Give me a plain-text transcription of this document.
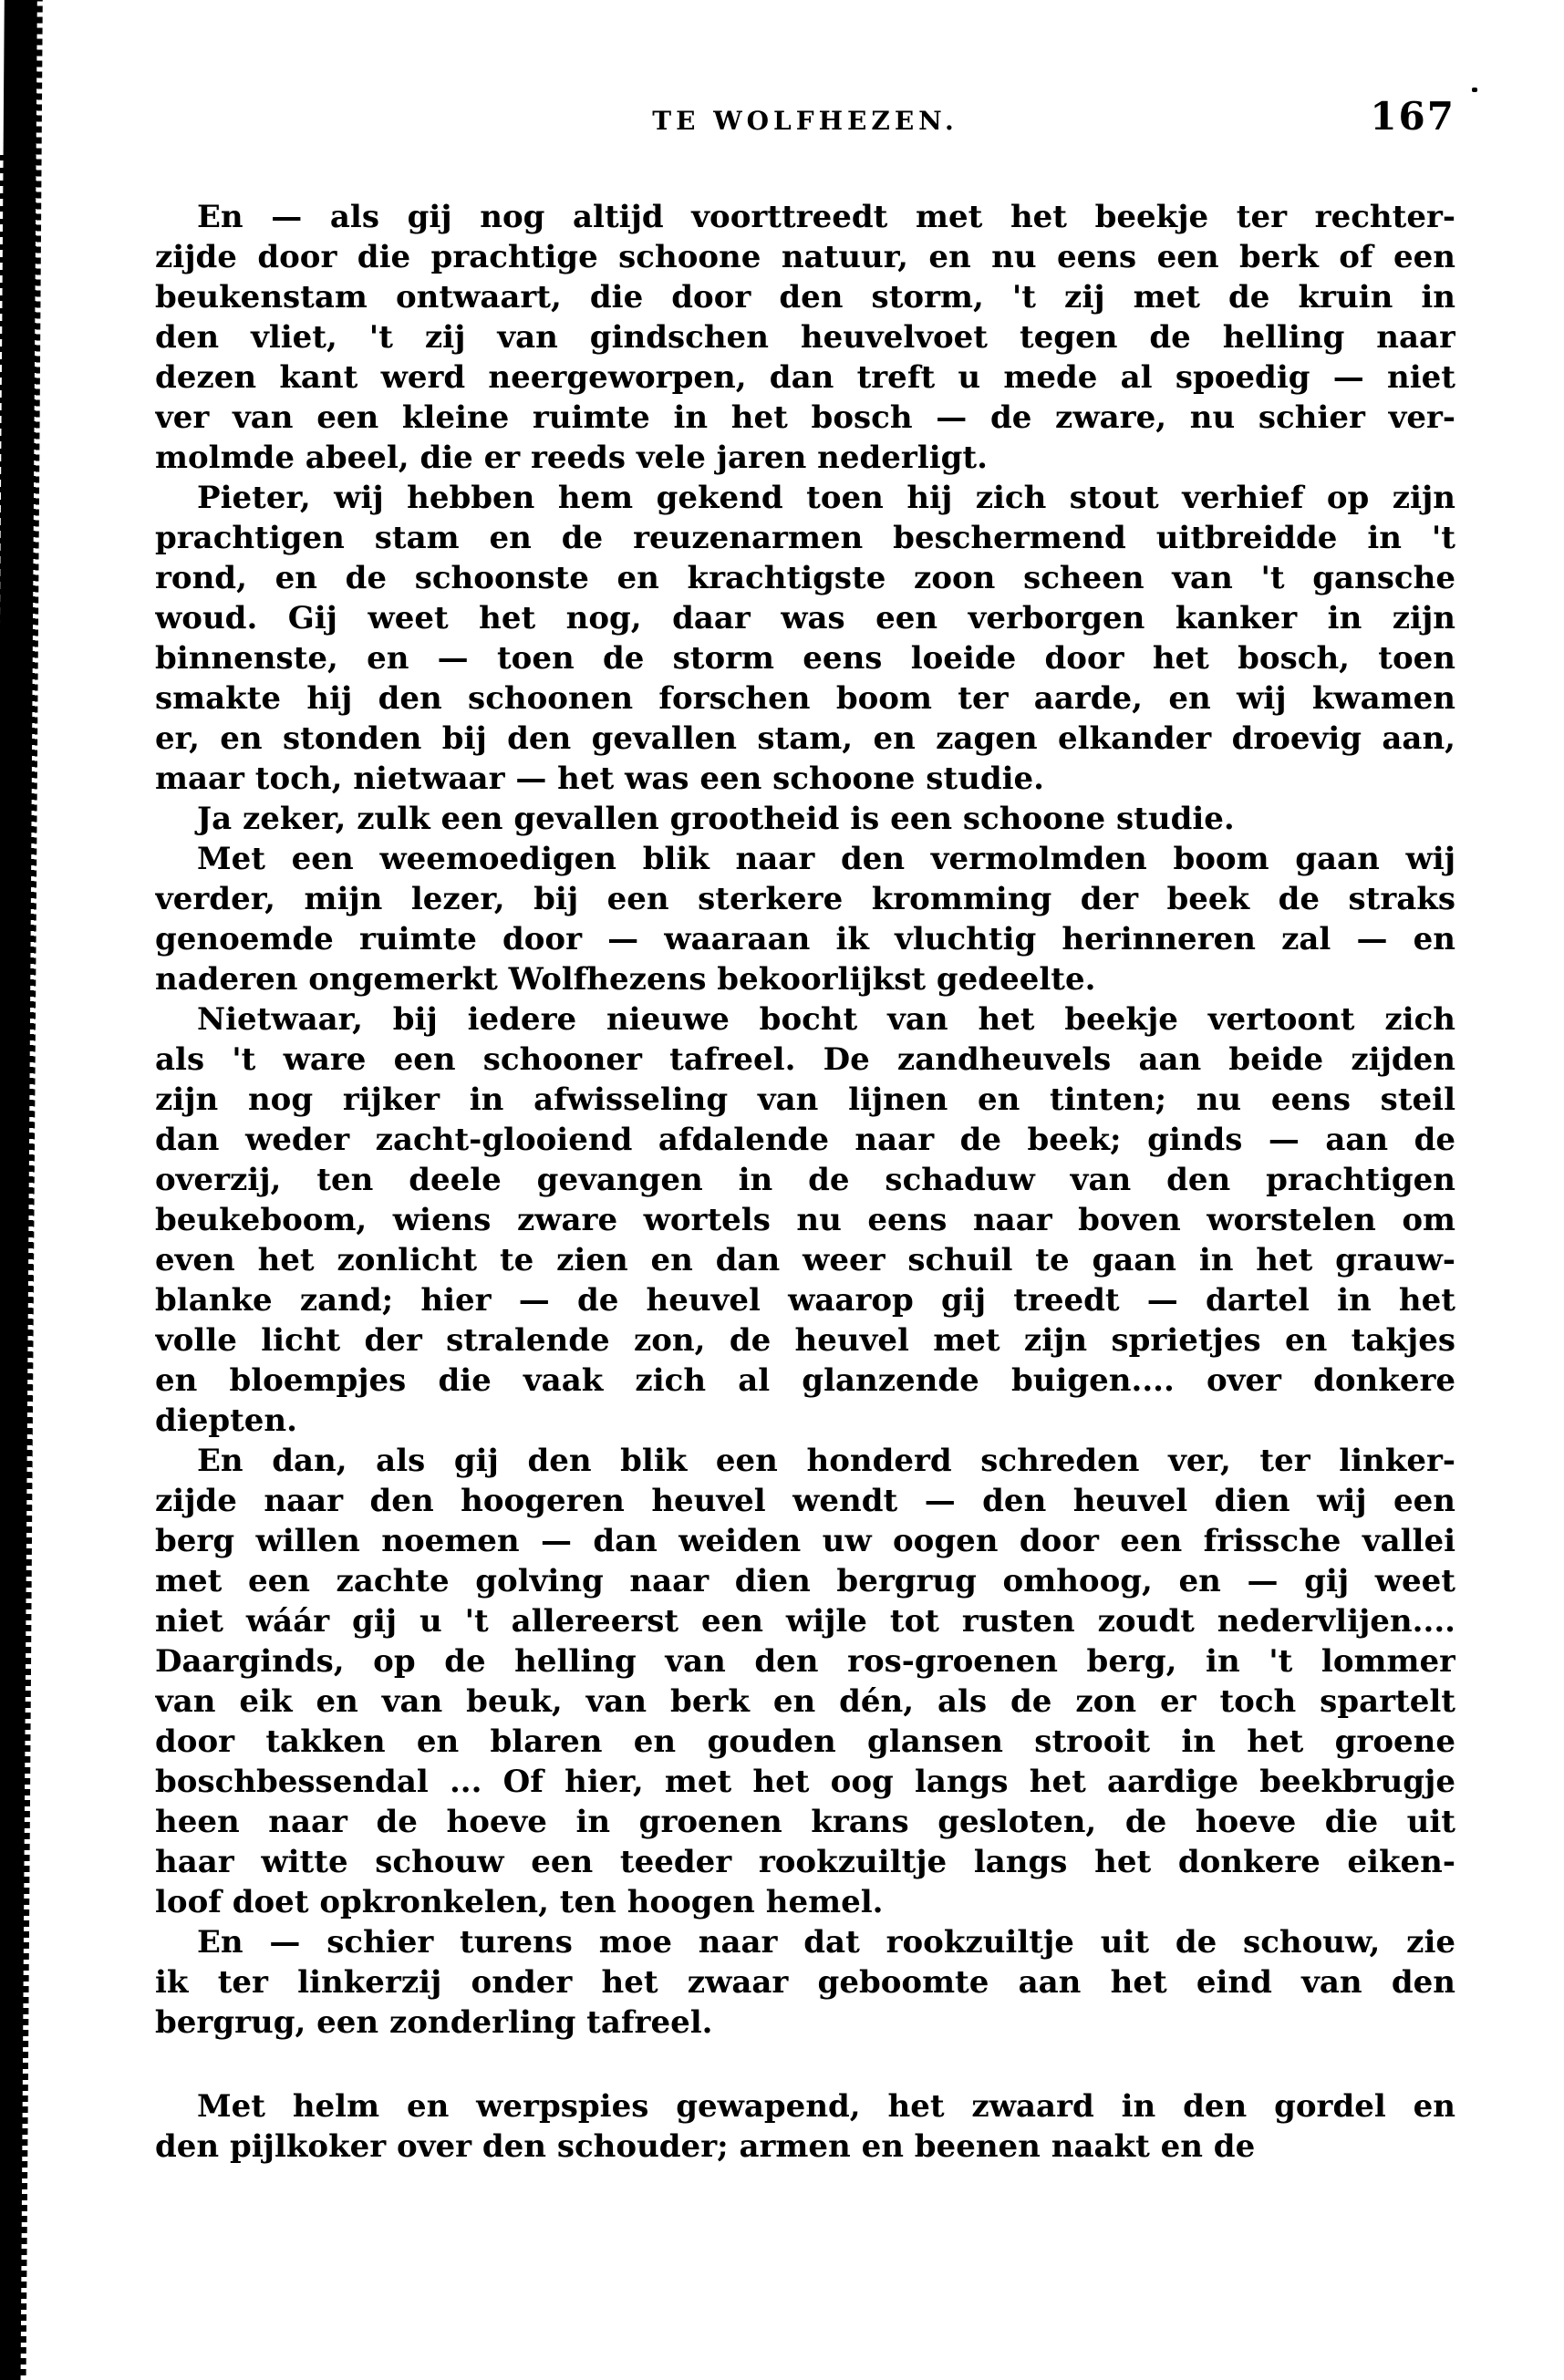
TE WOLFHEZEN.	167
En — als gij nog altijd voorttreedt met het beekje ter rechter-
zijde door die prachtige schoone natuur, en nu eens een berk of een
beukenstam ontwaart, die door den storm, 't zij met de kruin in
den vliet, 't zij van gindschen heuvelvoet tegen de helling naar
dezen kant werd neergeworpen, dan treft u mede al spoedig — niet
ver van een kleine ruimte in het bosch — de zware, nu schier ver-
molmde abeel, die er reeds vele jaren nederligt.
Pieter, wij hebben hem gekend toen hij zich stout verhief op zijn
prachtigen stam en de reuzenarmen beschermend uitbreidde in 't
rond, en de schoonste en krachtigste zoon scheen van 't gansche
woud. Gij weet het nog, daar was een verborgen kanker in zijn
binnenste, en — toen de storm eens loeide door het bosch, toen
smakte hij den schoonen forschen boom ter aarde, en wij kwamen
er, en stonden bij den gevallen stam, en zagen elkander droevig aan,
maar toch, nietwaar — het was een schoone studie.
Ja zeker, zulk een gevallen grootheid is een schoone studie.
Met een weemoedigen blik naar den vermolmden boom gaan wij
verder, mijn lezer, bij een sterkere kromming der beek de straks
genoemde ruimte door — waaraan ik vluchtig herinneren zal — en
naderen ongemerkt Wolfhezens bekoorlijkst gedeelte.
Nietwaar, bij iedere nieuwe bocht van het beekje vertoont zich
als 't ware een schooner tafreel. De zandheuvels aan beide zijden
zijn nog rijker in afwisseling van lijnen en tinten; nu eens steil
dan weder zacht-glooiend afdalende naar de beek; ginds — aan de
overzij, ten deele gevangen in de schaduw van den prachtigen
beukeboom, wiens zware wortels nu eens naar boven worstelen om
even het zonlicht te zien en dan weer schuil te gaan in het grauw-
blanke zand; hier — de heuvel waarop gij treedt — dartel in het
volle licht der stralende zon, de heuvel met zijn sprietjes en takjes
en bloempjes die vaak zich al glanzende buigen.... over donkere
diepten.
En dan, als gij den blik een honderd schreden ver, ter linker-
zijde naar den hoogeren heuvel wendt — den heuvel dien wij een
berg willen noemen — dan weiden uw oogen door een frissche vallei
met een zachte golving naar dien bergrug omhoog, en — gij weet
niet wáár gij u 't allereerst een wijle tot rusten zoudt nedervlijen....
Daarginds, op de helling van den ros-groenen berg, in 't lommer
van eik en van beuk, van berk en dén, als de zon er toch spartelt
door takken en blaren en gouden glansen strooit in het groene
boschbessendal ... Of hier, met het oog langs het aardige beekbrugje
heen naar de hoeve in groenen krans gesloten, de hoeve die uit
haar witte schouw een teeder rookzuiltje langs het donkere eiken-
loof doet opkronkelen, ten hoogen hemel.
En — schier turens moe naar dat rookzuiltje uit de schouw, zie
ik ter linkerzij onder het zwaar geboomte aan het eind van den
bergrug, een zonderling tafreel.
Met helm en werpspies gewapend, het zwaard in den gordel en
den pijlkoker over den schouder; armen en beenen naakt en de
